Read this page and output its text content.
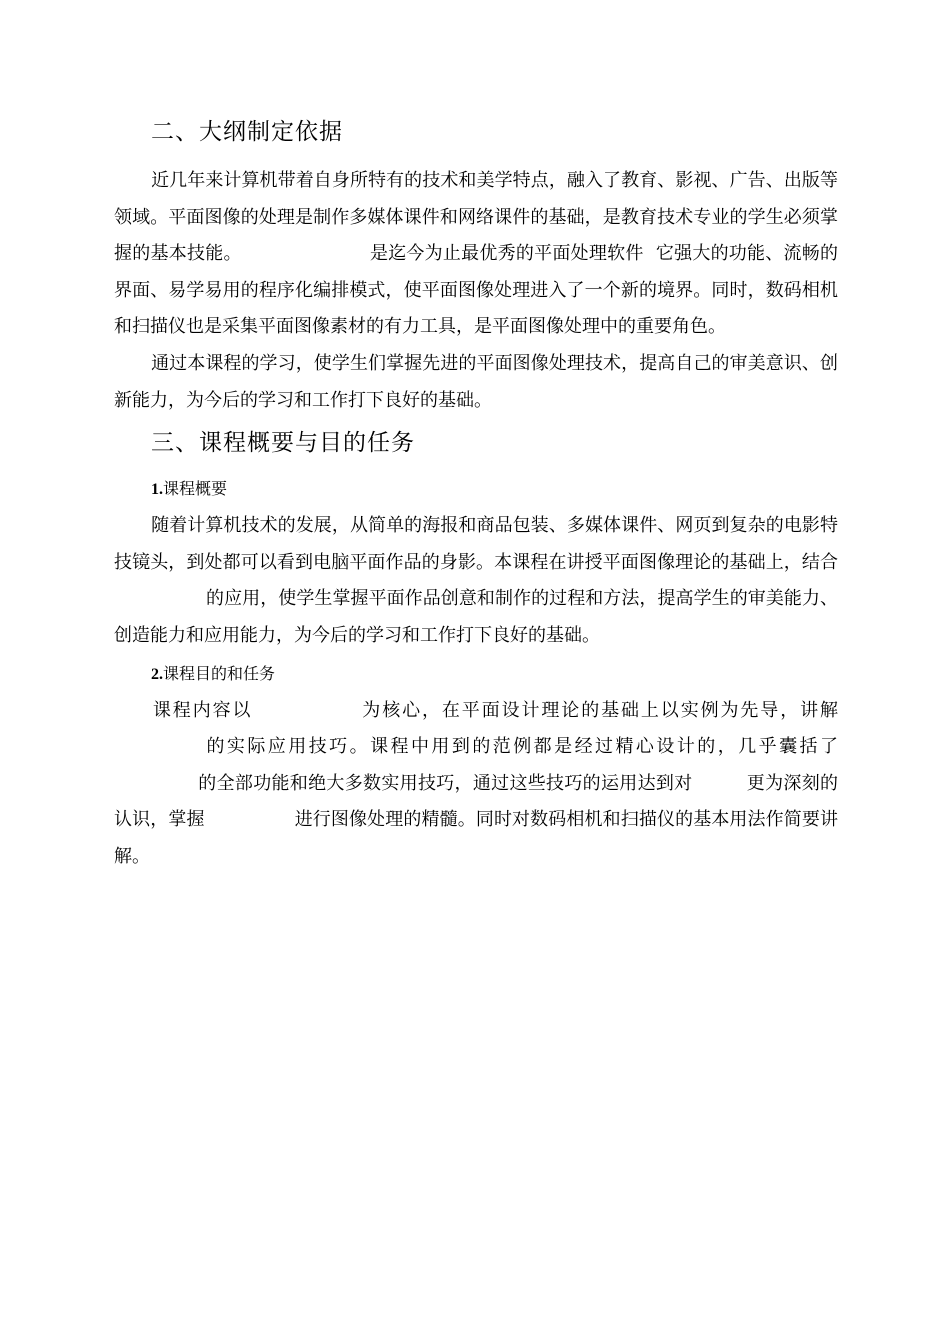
二、大纲制定依据

近几年来计算机带着自身所特有的技术和美学特点，融入了教育、影视、广告、出版等领域。平面图像的处理是制作多媒体课件和网络课件的基础，是教育技术专业的学生必须掌握的基本技能。	是迄今为止最优秀的平面处理软件 它强大的功能、流畅的界面、易学易用的程序化编排模式，使平面图像处理进入了一个新的境界。同时，数码相机和扫描仪也是采集平面图像素材的有力工具，是平面图像处理中的重要角色。

通过本课程的学习，使学生们掌握先进的平面图像处理技术，提高自己的审美意识、创新能力，为今后的学习和工作打下良好的基础。

三、课程概要与目的任务

1.课程概要

随着计算机技术的发展，从简单的海报和商品包装、多媒体课件、网页到复杂的电影特技镜头，到处都可以看到电脑平面作品的身影。本课程在讲授平面图像理论的基础上，结合的应用，使学生掌握平面作品创意和制作的过程和方法，提高学生的审美能力、创造能力和应用能力，为今后的学习和工作打下良好的基础。

2.课程目的和任务

课程内容以	为核心，在平面设计理论的基础上以实例为先导，讲解的实际应用技巧。课程中用到的范例都是经过精心设计的，几乎囊括了的全部功能和绝大多数实用技巧，通过这些技巧的运用达到对	更为深刻的认识，掌握	进行图像处理的精髓。同时对数码相机和扫描仪的基本用法作简要讲解。
